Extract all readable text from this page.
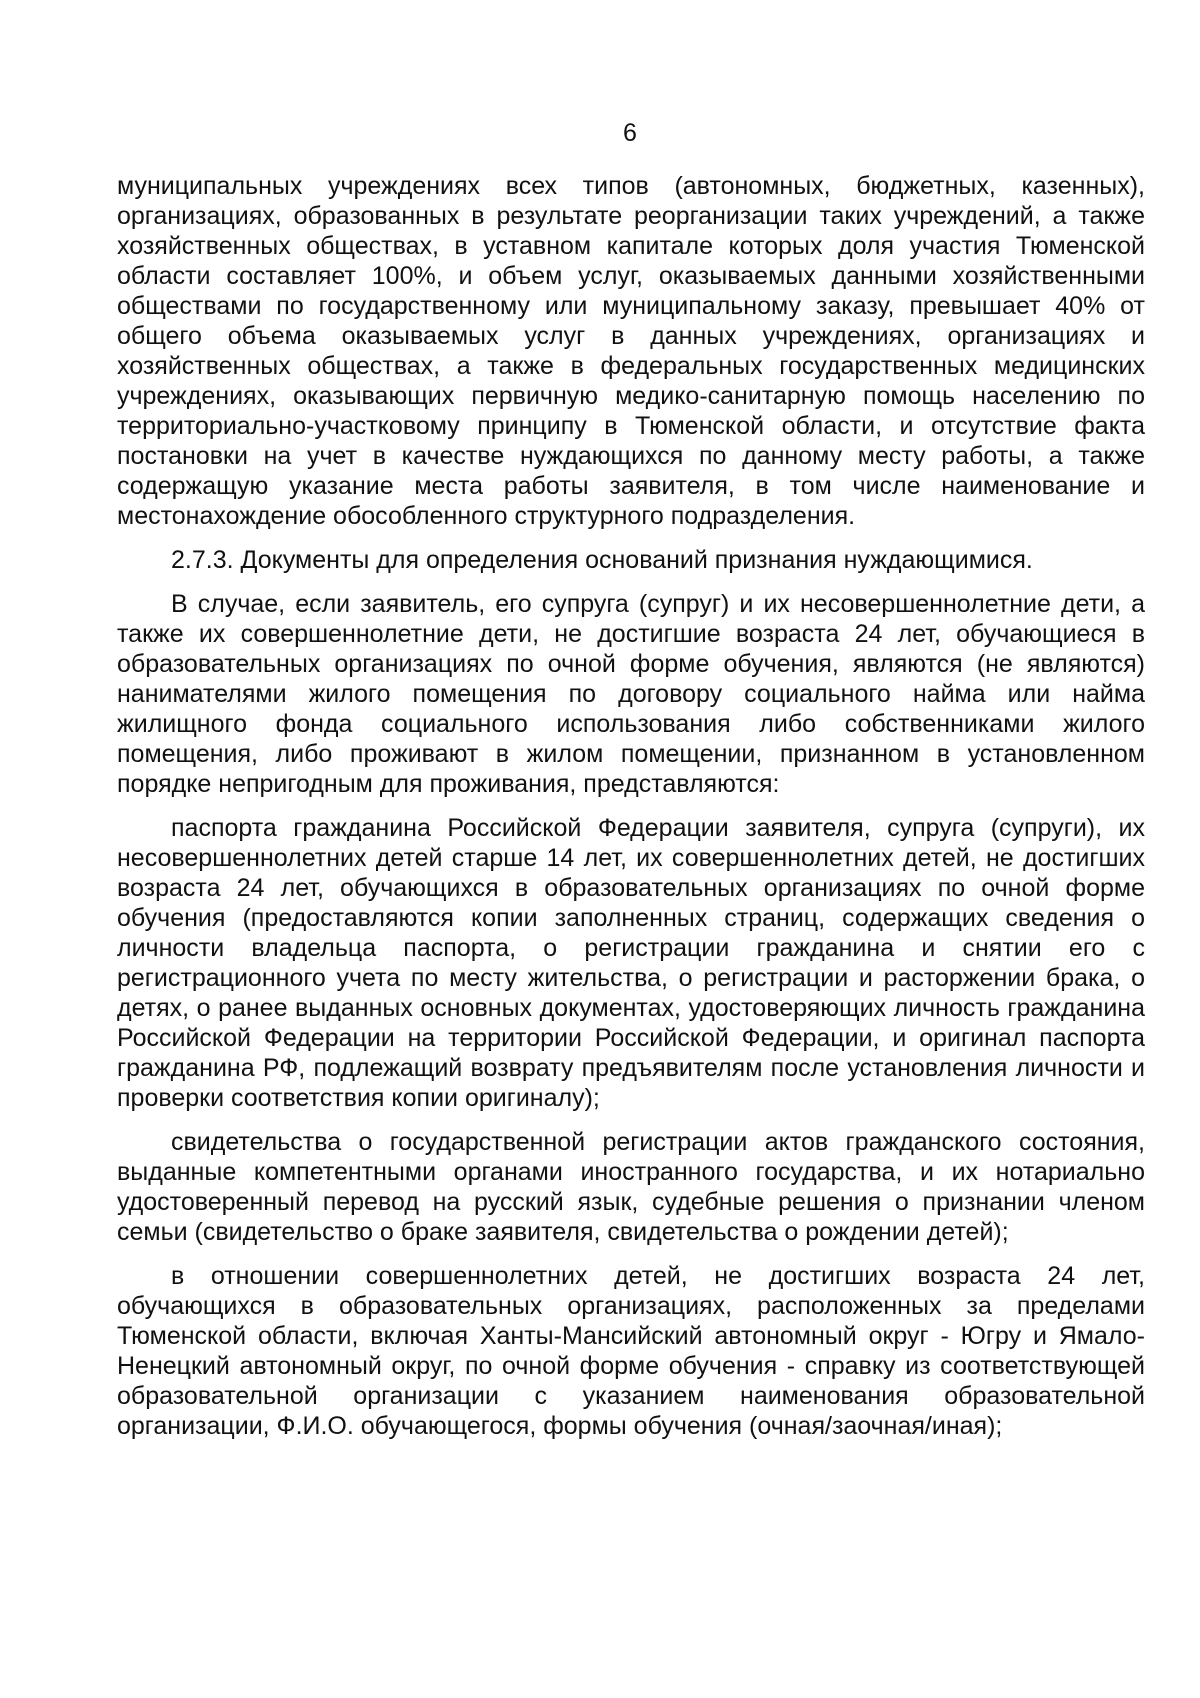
6

муниципальных учреждениях всех типов (автономных, бюджетных, казенных), организациях, образованных в результате реорганизации таких учреждений, а также хозяйственных обществах, в уставном капитале которых доля участия Тюменской области составляет 100%, и объем услуг, оказываемых данными хозяйственными обществами по государственному или муниципальному заказу, превышает 40% от общего объема оказываемых услуг в данных учреждениях, организациях и хозяйственных обществах, а также в федеральных государственных медицинских учреждениях, оказывающих первичную медико-санитарную помощь населению по территориально-участковому принципу в Тюменской области, и отсутствие факта постановки на учет в качестве нуждающихся по данному месту работы, а также содержащую указание места работы заявителя, в том числе наименование и местонахождение обособленного структурного подразделения.

2.7.3. Документы для определения оснований признания нуждающимися.

В случае, если заявитель, его супруга (супруг) и их несовершеннолетние дети, а также их совершеннолетние дети, не достигшие возраста 24 лет, обучающиеся в образовательных организациях по очной форме обучения, являются (не являются) нанимателями жилого помещения по договору социального найма или найма жилищного фонда социального использования либо собственниками жилого помещения, либо проживают в жилом помещении, признанном в установленном порядке непригодным для проживания, представляются:

паспорта гражданина Российской Федерации заявителя, супруга (супруги), их несовершеннолетних детей старше 14 лет, их совершеннолетних детей, не достигших возраста 24 лет, обучающихся в образовательных организациях по очной форме обучения (предоставляются копии заполненных страниц, содержащих сведения о личности владельца паспорта, о регистрации гражданина и снятии его с регистрационного учета по месту жительства, о регистрации и расторжении брака, о детях, о ранее выданных основных документах, удостоверяющих личность гражданина Российской Федерации на территории Российской Федерации, и оригинал паспорта гражданина РФ, подлежащий возврату предъявителям после установления личности и проверки соответствия копии оригиналу);

свидетельства о государственной регистрации актов гражданского состояния, выданные компетентными органами иностранного государства, и их нотариально удостоверенный перевод на русский язык, судебные решения о признании членом семьи (свидетельство о браке заявителя, свидетельства о рождении детей);

в отношении совершеннолетних детей, не достигших возраста 24 лет, обучающихся в образовательных организациях, расположенных за пределами Тюменской области, включая Ханты-Мансийский автономный округ - Югру и Ямало-Ненецкий автономный округ, по очной форме обучения - справку из соответствующей образовательной организации с указанием наименования образовательной организации, Ф.И.О. обучающегося, формы обучения (очная/заочная/иная);
